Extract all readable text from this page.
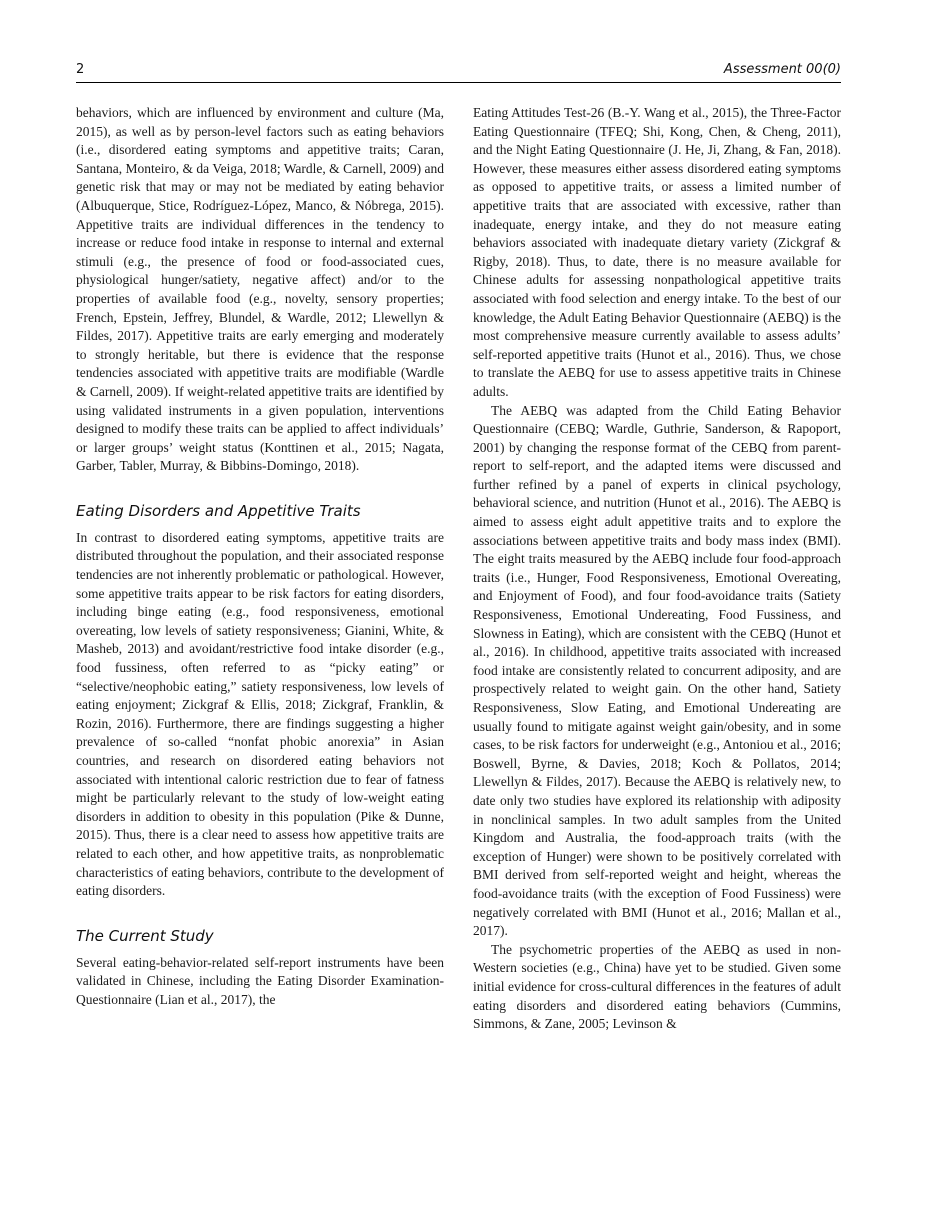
2	Assessment 00(0)

behaviors, which are influenced by environment and culture (Ma, 2015), as well as by person-level factors such as eating behaviors (i.e., disordered eating symptoms and appetitive traits; Caran, Santana, Monteiro, & da Veiga, 2018; Wardle, & Carnell, 2009) and genetic risk that may or may not be mediated by eating behavior (Albuquerque, Stice, Rodríguez-López, Manco, & Nóbrega, 2015). Appetitive traits are individual differences in the tendency to increase or reduce food intake in response to internal and external stimuli (e.g., the presence of food or food-associated cues, physiological hunger/satiety, negative affect) and/or to the properties of available food (e.g., novelty, sensory properties; French, Epstein, Jeffrey, Blundel, & Wardle, 2012; Llewellyn & Fildes, 2017). Appetitive traits are early emerging and moderately to strongly heritable, but there is evidence that the response tendencies associated with appetitive traits are modifiable (Wardle & Carnell, 2009). If weight-related appetitive traits are identified by using validated instruments in a given population, interventions designed to modify these traits can be applied to affect individuals’ or larger groups’ weight status (Konttinen et al., 2015; Nagata, Garber, Tabler, Murray, & Bibbins-Domingo, 2018).

Eating Disorders and Appetitive Traits

In contrast to disordered eating symptoms, appetitive traits are distributed throughout the population, and their associated response tendencies are not inherently problematic or pathological. However, some appetitive traits appear to be risk factors for eating disorders, including binge eating (e.g., food responsiveness, emotional overeating, low levels of satiety responsiveness; Gianini, White, & Masheb, 2013) and avoidant/restrictive food intake disorder (e.g., food fussiness, often referred to as “picky eating” or “selective/neophobic eating,” satiety responsiveness, low levels of eating enjoyment; Zickgraf & Ellis, 2018; Zickgraf, Franklin, & Rozin, 2016). Furthermore, there are findings suggesting a higher prevalence of so-called “nonfat phobic anorexia” in Asian countries, and research on disordered eating behaviors not associated with intentional caloric restriction due to fear of fatness might be particularly relevant to the study of low-weight eating disorders in addition to obesity in this population (Pike & Dunne, 2015). Thus, there is a clear need to assess how appetitive traits are related to each other, and how appetitive traits, as nonproblematic characteristics of eating behaviors, contribute to the development of eating disorders.

The Current Study

Several eating-behavior-related self-report instruments have been validated in Chinese, including the Eating Disorder Examination-Questionnaire (Lian et al., 2017), the

Eating Attitudes Test-26 (B.-Y. Wang et al., 2015), the Three-Factor Eating Questionnaire (TFEQ; Shi, Kong, Chen, & Cheng, 2011), and the Night Eating Questionnaire (J. He, Ji, Zhang, & Fan, 2018). However, these measures either assess disordered eating symptoms as opposed to appetitive traits, or assess a limited number of appetitive traits that are associated with excessive, rather than inadequate, energy intake, and they do not measure eating behaviors associated with inadequate dietary variety (Zickgraf & Rigby, 2018). Thus, to date, there is no measure available for Chinese adults for assessing nonpathological appetitive traits associated with food selection and energy intake. To the best of our knowledge, the Adult Eating Behavior Questionnaire (AEBQ) is the most comprehensive measure currently available to assess adults’ self-reported appetitive traits (Hunot et al., 2016). Thus, we chose to translate the AEBQ for use to assess appetitive traits in Chinese adults.

The AEBQ was adapted from the Child Eating Behavior Questionnaire (CEBQ; Wardle, Guthrie, Sanderson, & Rapoport, 2001) by changing the response format of the CEBQ from parent-report to self-report, and the adapted items were discussed and further refined by a panel of experts in clinical psychology, behavioral science, and nutrition (Hunot et al., 2016). The AEBQ is aimed to assess eight adult appetitive traits and to explore the associations between appetitive traits and body mass index (BMI). The eight traits measured by the AEBQ include four food-approach traits (i.e., Hunger, Food Responsiveness, Emotional Overeating, and Enjoyment of Food), and four food-avoidance traits (Satiety Responsiveness, Emotional Undereating, Food Fussiness, and Slowness in Eating), which are consistent with the CEBQ (Hunot et al., 2016). In childhood, appetitive traits associated with increased food intake are consistently related to concurrent adiposity, and are prospectively related to weight gain. On the other hand, Satiety Responsiveness, Slow Eating, and Emotional Undereating are usually found to mitigate against weight gain/obesity, and in some cases, to be risk factors for underweight (e.g., Antoniou et al., 2016; Boswell, Byrne, & Davies, 2018; Koch & Pollatos, 2014; Llewellyn & Fildes, 2017). Because the AEBQ is relatively new, to date only two studies have explored its relationship with adiposity in nonclinical samples. In two adult samples from the United Kingdom and Australia, the food-approach traits (with the exception of Hunger) were shown to be positively correlated with BMI derived from self-reported weight and height, whereas the food-avoidance traits (with the exception of Food Fussiness) were negatively correlated with BMI (Hunot et al., 2016; Mallan et al., 2017).

The psychometric properties of the AEBQ as used in non-Western societies (e.g., China) have yet to be studied. Given some initial evidence for cross-cultural differences in the features of adult eating disorders and disordered eating behaviors (Cummins, Simmons, & Zane, 2005; Levinson &
